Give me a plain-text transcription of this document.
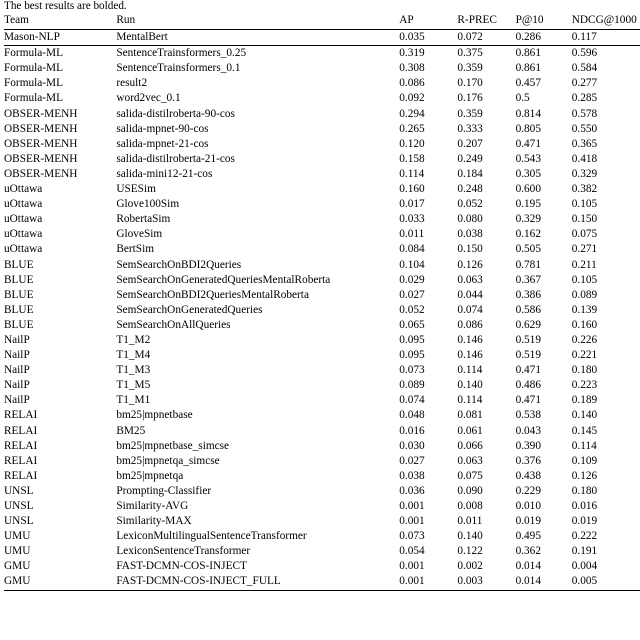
The best results are bolded.
Team	Run	AP	R-PREC	P@10	NDCG@1000
Mason-NLP	MentalBert	0.035	0.072	0.286	0.117
Formula-ML	SentenceTrainsformers_0.25	0.319	0.375	0.861	0.596
Formula-ML	SentenceTrainsformers_0.1	0.308	0.359	0.861	0.584
Formula-ML	result2	0.086	0.170	0.457	0.277
Formula-ML	word2vec_0.1	0.092	0.176	0.5	0.285
OBSER-MENH	salida-distilroberta-90-cos	0.294	0.359	0.814	0.578
OBSER-MENH	salida-mpnet-90-cos	0.265	0.333	0.805	0.550
OBSER-MENH	salida-mpnet-21-cos	0.120	0.207	0.471	0.365
OBSER-MENH	salida-distilroberta-21-cos	0.158	0.249	0.543	0.418
OBSER-MENH	salida-mini12-21-cos	0.114	0.184	0.305	0.329
uOttawa	USESim	0.160	0.248	0.600	0.382
uOttawa	Glove100Sim	0.017	0.052	0.195	0.105
uOttawa	RobertaSim	0.033	0.080	0.329	0.150
uOttawa	GloveSim	0.011	0.038	0.162	0.075
uOttawa	BertSim	0.084	0.150	0.505	0.271
BLUE	SemSearchOnBDI2Queries	0.104	0.126	0.781	0.211
BLUE	SemSearchOnGeneratedQueriesMentalRoberta	0.029	0.063	0.367	0.105
BLUE	SemSearchOnBDI2QueriesMentalRoberta	0.027	0.044	0.386	0.089
BLUE	SemSearchOnGeneratedQueries	0.052	0.074	0.586	0.139
BLUE	SemSearchOnAllQueries	0.065	0.086	0.629	0.160
NailP	T1_M2	0.095	0.146	0.519	0.226
NailP	T1_M4	0.095	0.146	0.519	0.221
NailP	T1_M3	0.073	0.114	0.471	0.180
NailP	T1_M5	0.089	0.140	0.486	0.223
NailP	T1_M1	0.074	0.114	0.471	0.189
RELAI	bm25|mpnetbase	0.048	0.081	0.538	0.140
RELAI	BM25	0.016	0.061	0.043	0.145
RELAI	bm25|mpnetbase_simcse	0.030	0.066	0.390	0.114
RELAI	bm25|mpnetqa_simcse	0.027	0.063	0.376	0.109
RELAI	bm25|mpnetqa	0.038	0.075	0.438	0.126
UNSL	Prompting-Classifier	0.036	0.090	0.229	0.180
UNSL	Similarity-AVG	0.001	0.008	0.010	0.016
UNSL	Similarity-MAX	0.001	0.011	0.019	0.019
UMU	LexiconMultilingualSentenceTransformer	0.073	0.140	0.495	0.222
UMU	LexiconSentenceTransformer	0.054	0.122	0.362	0.191
GMU	FAST-DCMN-COS-INJECT	0.001	0.002	0.014	0.004
GMU	FAST-DCMN-COS-INJECT_FULL	0.001	0.003	0.014	0.005
